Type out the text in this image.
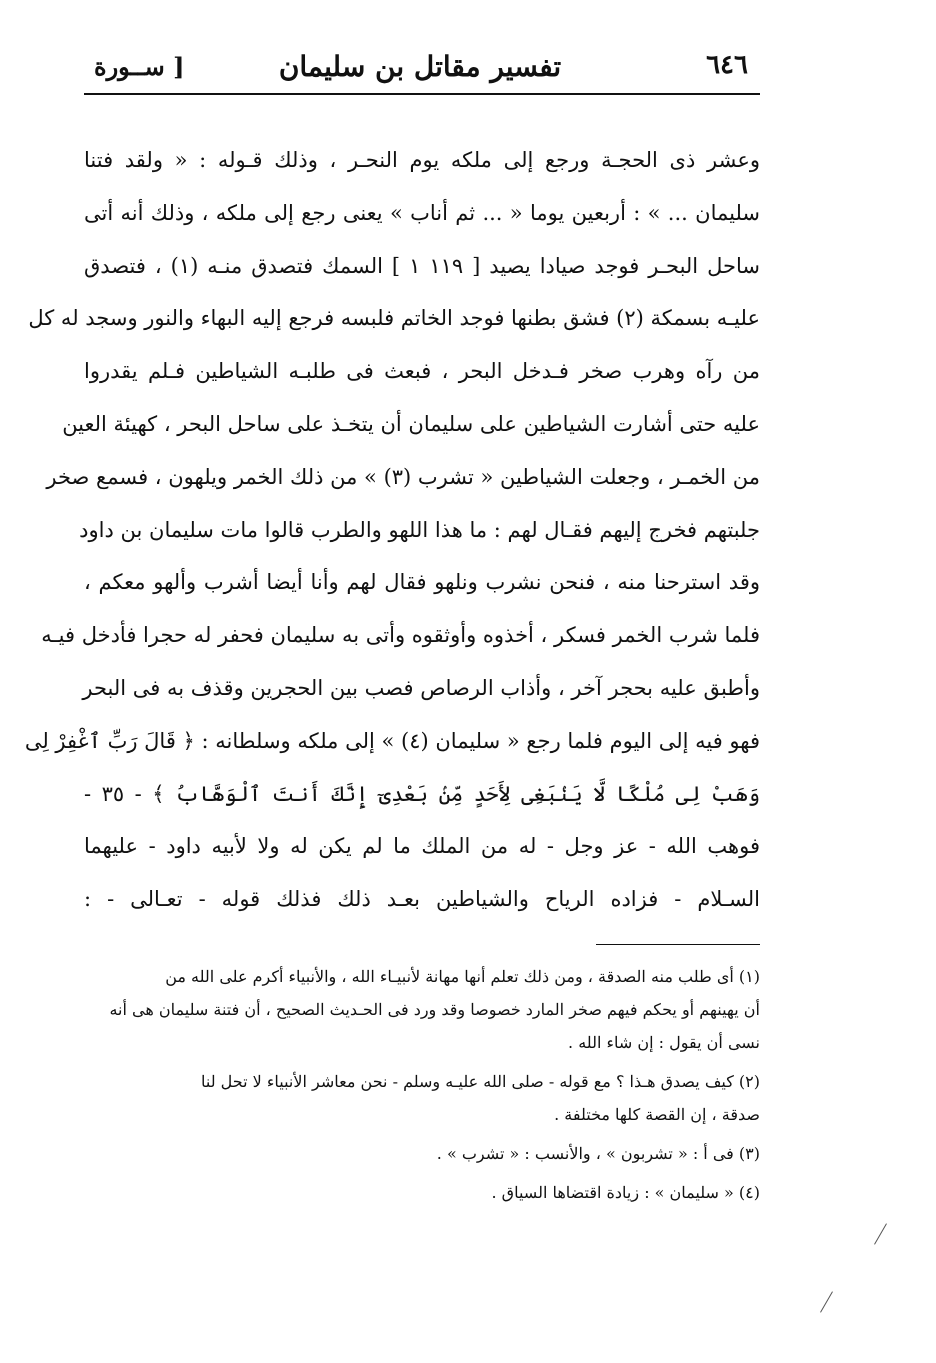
٦٤٦
تفسير مقاتل بن سليمان
[ ســورة
وعشر ذى الحجـة ورجع إلى ملكه يوم النحـر ، وذلك قـوله : « ولقد فتنا
سليمان ... » : أربعين يوما « ... ثم أناب » يعنى رجع إلى ملكه ، وذلك أنه أتى
ساحل البحـر فوجد صيادا يصيد [ ١١٩ ١ ] السمك فتصدق منـه (١) ، فتصدق
عليـه بسمكة (٢) فشق بطنها فوجد الخاتم فلبسه فرجع إليه البهاء والنور وسجد له كل
من رآه وهرب صخر فـدخل البحر ، فبعث فى طلبـه الشياطين فـلم يقدروا
عليه حتى أشارت الشياطين على سليمان أن يتخـذ على ساحل البحر ، كهيئة العين
من الخمـر ، وجعلت الشياطين « تشرب (٣) » من ذلك الخمر ويلهون ، فسمع صخر
جلبتهم فخرج إليهم فقـال لهم : ما هذا اللهو والطرب قالوا مات سليمان بن داود
وقد استرحنا منه ، فنحن نشرب ونلهو فقال لهم وأنا أيضا أشرب وألهو معكم ،
فلما شرب الخمر فسكر ، أخذوه وأوثقوه وأتى به سليمان فحفر له حجرا فأدخل فيـه
وأطبق عليه بحجر آخر ، وأذاب الرصاص فصب بين الحجرين وقذف به فى البحر
فهو فيه إلى اليوم فلما رجع « سليمان (٤) » إلى ملكه وسلطانه : ﴿ قَالَ رَبِّ ٱغْفِرْ لِى
وَهَبْ لِى مُلْكًا لَّا يَنۢبَغِى لِأَحَدٍ مِّنۢ بَعْدِىٓ إِنَّكَ أَنتَ ٱلْوَهَّابُ ﴾ - ٣٥ -
فوهب الله - عز وجل - له من الملك ما لم يكن له ولا لأبيه داود - عليهما
السـلام - فزاده الرياح والشياطين بعـد ذلك فذلك قوله - تعـالى - :
(١) أى طلب منه الصدقة ، ومن ذلك تعلم أنها مهانة لأنبيـاء الله ، والأنبياء أكرم على الله من
أن يهينهم أو يحكم فيهم صخر المارد خصوصا وقد ورد فى الحـديث الصحيح ، أن فتنة سليمان هى أنه
نسى أن يقول : إن شاء الله .
(٢) كيف يصدق هـذا ؟ مع قوله - صلى الله عليـه وسلم - نحن معاشر الأنبياء لا تحل لنا
صدقة ، إن القصة كلها مختلفة .
(٣) فى أ : « تشربون » ، والأنسب : « تشرب » .
(٤) « سليمان » : زيادة اقتضاها السياق .
